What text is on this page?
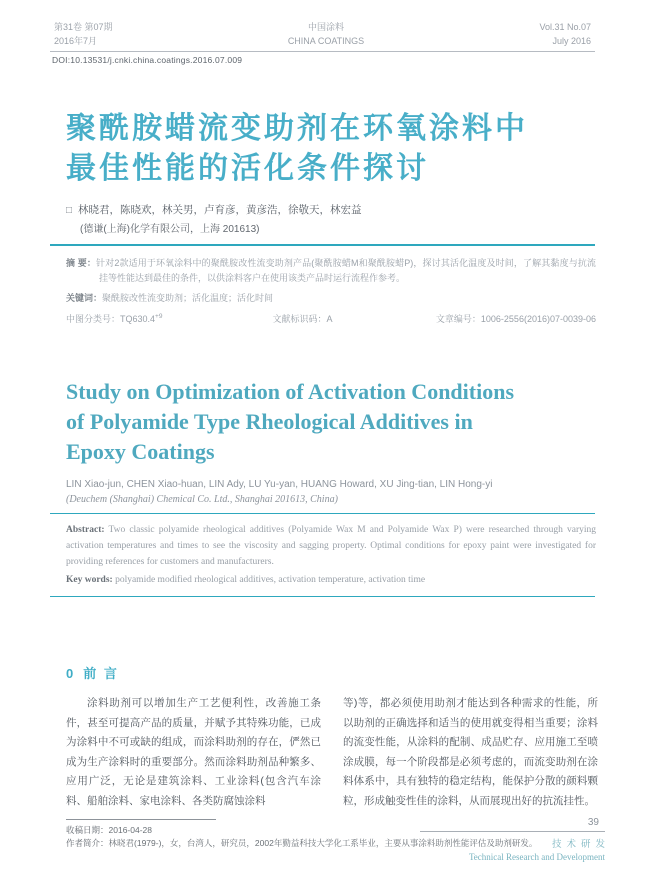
第31卷 第07期
2016年7月
中国涂料
CHINA COATINGS
Vol.31 No.07
July 2016
DOI:10.13531/j.cnki.china.coatings.2016.07.009
聚酰胺蜡流变助剂在环氧涂料中
最佳性能的活化条件探讨
□ 林晓君，陈晓欢，林关男，卢育彦，黄彦浩，徐敬天，林宏益
(德谦(上海)化学有限公司，上海 201613)
摘 要：针对2款适用于环氧涂料中的聚酰胺改性流变助剂产品(聚酰胺蜡M和聚酰胺蜡P)，探讨其活化温度及时间，了解其黏度与抗流挂等性能达到最佳的条件，以供涂料客户在使用该类产品时运行流程作参考。
关键词：聚酰胺改性流变助剂；活化温度；活化时间
中图分类号：$TQ630.4^{+9}$	文献标识码：A	文章编号：1006-2556(2016)07-0039-06
Study on Optimization of Activation Conditions
of Polyamide Type Rheological Additives in
Epoxy Coatings
LIN Xiao-jun, CHEN Xiao-huan, LIN Ady, LU Yu-yan, HUANG Howard, XU Jing-tian, LIN Hong-yi
(Deuchem (Shanghai) Chemical Co. Ltd., Shanghai 201613, China)
Abstract: Two classic polyamide rheological additives (Polyamide Wax M and Polyamide Wax P) were researched through varying activation temperatures and times to see the viscosity and sagging property. Optimal conditions for epoxy paint were investigated for providing references for customers and manufacturers.
Key words: polyamide modified rheological additives, activation temperature, activation time
0 前 言
涂料助剂可以增加生产工艺便利性，改善施工条件，甚至可提高产品的质量，并赋予其特殊功能，已成为涂料中不可或缺的组成，而涂料助剂的存在，俨然已成为生产涂料时的重要部分。然而涂料助剂品种繁多、应用广泛，无论是建筑涂料、工业涂料(包含汽车涂料、船舶涂料、家电涂料、各类防腐蚀涂料
等)等，都必须使用助剂才能达到各种需求的性能，所以助剂的正确选择和适当的使用就变得相当重要；涂料的流变性能，从涂料的配制、成品贮存、应用施工至喷涂成膜，每一个阶段都是必须考虑的，而流变助剂在涂料体系中，具有独特的稳定结构，能保护分散的颜料颗粒，形成触变性佳的涂料，从而展现出好的抗流挂性。
收稿日期：2016-04-28
作者简介：林晓君(1979-)，女，台湾人，研究员，2002年勤益科技大学化工系毕业，主要从事涂料助剂性能评估及助剂研发。
39
技术研发
Technical Research and Development
